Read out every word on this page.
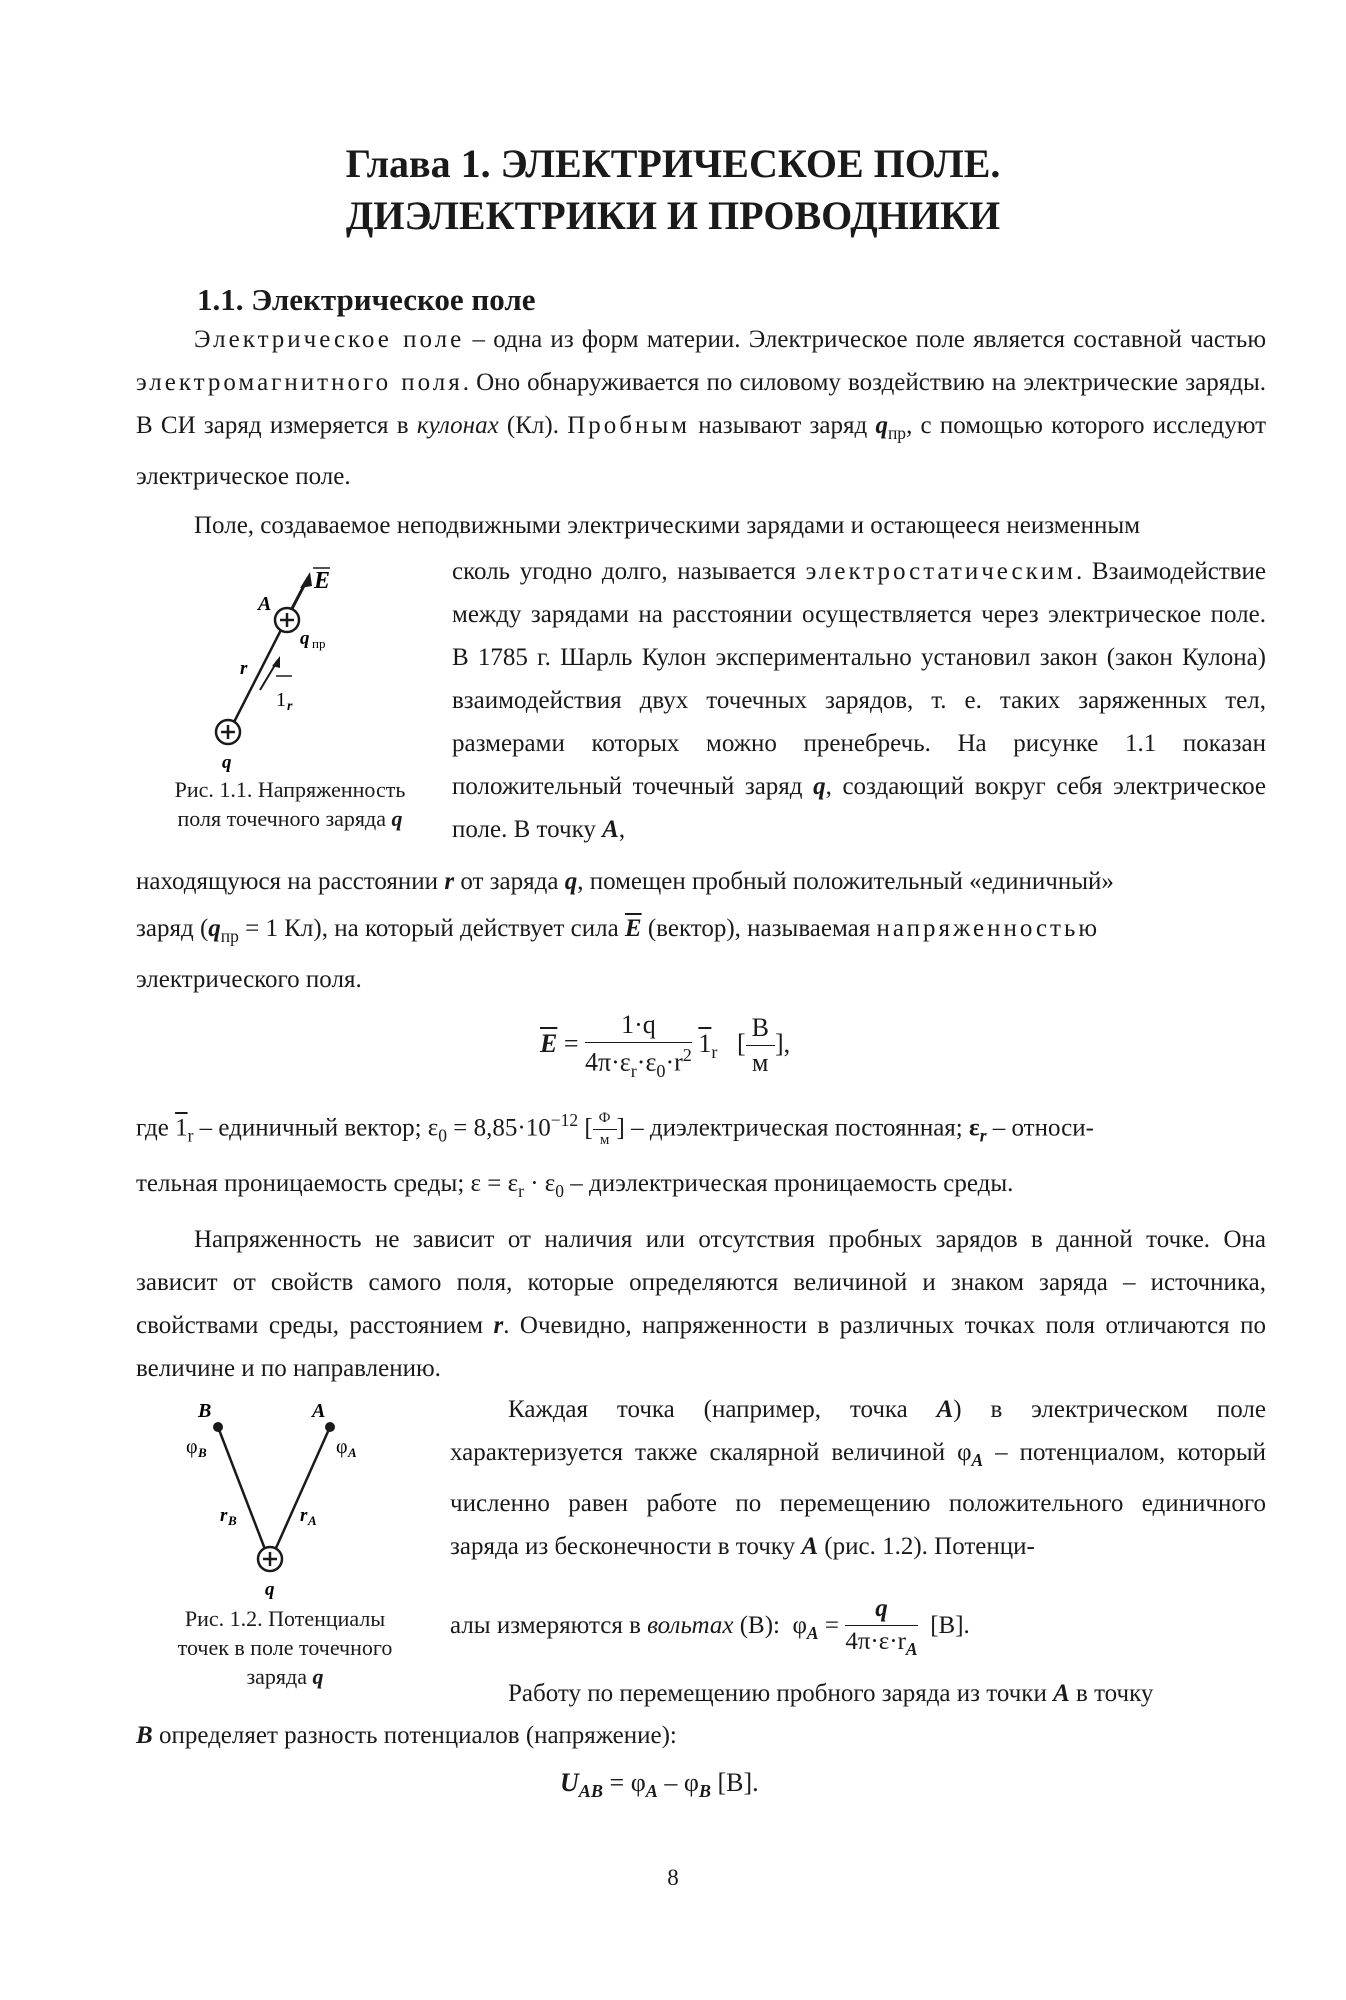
Глава 1. ЭЛЕКТРИЧЕСКОЕ ПОЛЕ.
ДИЭЛЕКТРИКИ И ПРОВОДНИКИ
1.1. Электрическое поле
Электрическое поле – одна из форм материи. Электрическое поле является составной частью электромагнитного поля. Оно обнаруживается по силовому воздействию на электрические заряды. В СИ заряд измеряется в кулонах (Кл). Пробным называют заряд $q_{пр}$, с помощью которого исследуют электрическое поле.
Поле, создаваемое неподвижными электрическими зарядами и остающееся неизменным
сколь угодно долго, называется электростатическим. Взаимодействие между зарядами на расстоянии осуществляется через электрическое поле. В 1785 г. Шарль Кулон экспериментально установил закон (закон Кулона) взаимодействия двух точечных зарядов, т. е. таких заряженных тел, размерами которых можно пренебречь. На рисунке 1.1 показан положительный точечный заряд q, создающий вокруг себя электрическое поле. В точку A,
находящуюся на расстоянии r от заряда q, помещен пробный положительный «единичный»
заряд ($q_{пр} = 1$ Кл), на который действует сила $\overline{E}$ (вектор), называемая напряженностью
электрического поля.
E
A
q пр
r
1 r
q
Рис. 1.1. Напряженность
поля точечного заряда q
$\overline{E} = \frac{1\cdot q}{4\pi\cdot\varepsilon_r\cdot\varepsilon_0\cdot r^2} 1_r$   [ $\frac{В}{м}$ ],
где $1_r$ – единичный вектор; $\varepsilon_0 = 8,85\cdot 10^{-12}$ [ $\frac{Ф}{м}$ ] – диэлектрическая постоянная; $\varepsilon_r$ – относи-
тельная проницаемость среды; $\varepsilon = \varepsilon_r \cdot \varepsilon_0$ – диэлектрическая проницаемость среды.
Напряженность не зависит от наличия или отсутствия пробных зарядов в данной точке. Она зависит от свойств самого поля, которые определяются величиной и знаком заряда – источника, свойствами среды, расстоянием r. Очевидно, напряженности в различных точках поля отличаются по величине и по направлению.
B	A
φ B	φ A
r B	r A
q
Рис. 1.2. Потенциалы
точек в поле точечного
заряда q
Каждая точка (например, точка A) в электрическом поле характеризуется также скалярной величиной $\varphi_A$ – потенциалом, который численно равен работе по перемещению положительного единичного заряда из бесконечности в точку A (рис. 1.2). Потенци-
алы измеряются в вольтах (В): $\varphi_A = \frac{q}{4\pi\cdot\varepsilon\cdot r_A} [В]$.
Работу по перемещению пробного заряда из точки A в точку
B определяет разность потенциалов (напряжение):
$U_{AB} = \varphi_A - \varphi_B$ [В].
8
